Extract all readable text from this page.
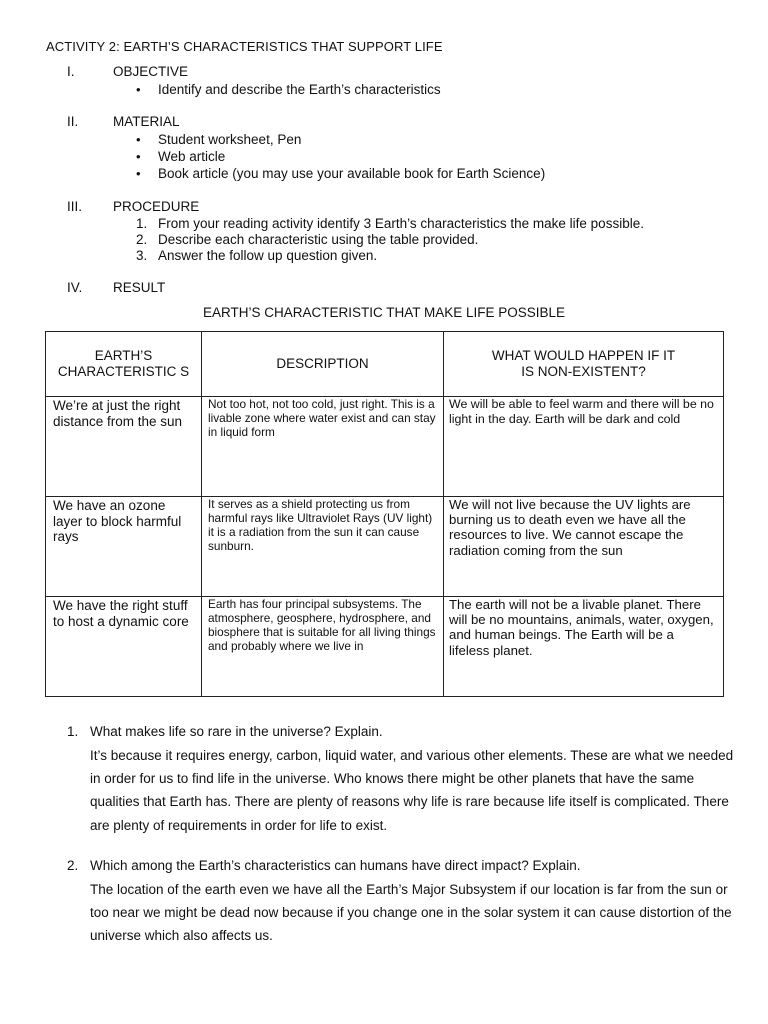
ACTIVITY 2: EARTH’S CHARACTERISTICS THAT SUPPORT LIFE
I.	OBJECTIVE
• Identify and describe the Earth’s characteristics
II.	MATERIAL
• Student worksheet, Pen
• Web article
• Book article (you may use your available book for Earth Science)
III. PROCEDURE
1. From your reading activity identify 3 Earth’s characteristics the make life possible.
2. Describe each characteristic using the table provided.
3. Answer the follow up question given.
IV. RESULT
EARTH’S CHARACTERISTIC THAT MAKE LIFE POSSIBLE
EARTH’S CHARACTERISTIC S	DESCRIPTION	WHAT WOULD HAPPEN IF IT IS NON-EXISTENT?
We’re at just the right distance from the sun	Not too hot, not too cold, just right. This is a livable zone where water exist and can stay in liquid form	We will be able to feel warm and there will be no light in the day. Earth will be dark and cold
We have an ozone layer to block harmful rays	It serves as a shield protecting us from harmful rays like Ultraviolet Rays (UV light) it is a radiation from the sun it can cause sunburn.	We will not live because the UV lights are burning us to death even we have all the resources to live. We cannot escape the radiation coming from the sun
We have the right stuff to host a dynamic core	Earth has four principal subsystems. The atmosphere, geosphere, hydrosphere, and biosphere that is suitable for all living things and probably where we live in	The earth will not be a livable planet. There will be no mountains, animals, water, oxygen, and human beings. The Earth will be a lifeless planet.
1. What makes life so rare in the universe? Explain.
It’s because it requires energy, carbon, liquid water, and various other elements. These are what we needed in order for us to find life in the universe. Who knows there might be other planets that have the same qualities that Earth has. There are plenty of reasons why life is rare because life itself is complicated. There are plenty of requirements in order for life to exist.
2. Which among the Earth’s characteristics can humans have direct impact? Explain.
The location of the earth even we have all the Earth’s Major Subsystem if our location is far from the sun or too near we might be dead now because if you change one in the solar system it can cause distortion of the universe which also affects us.
